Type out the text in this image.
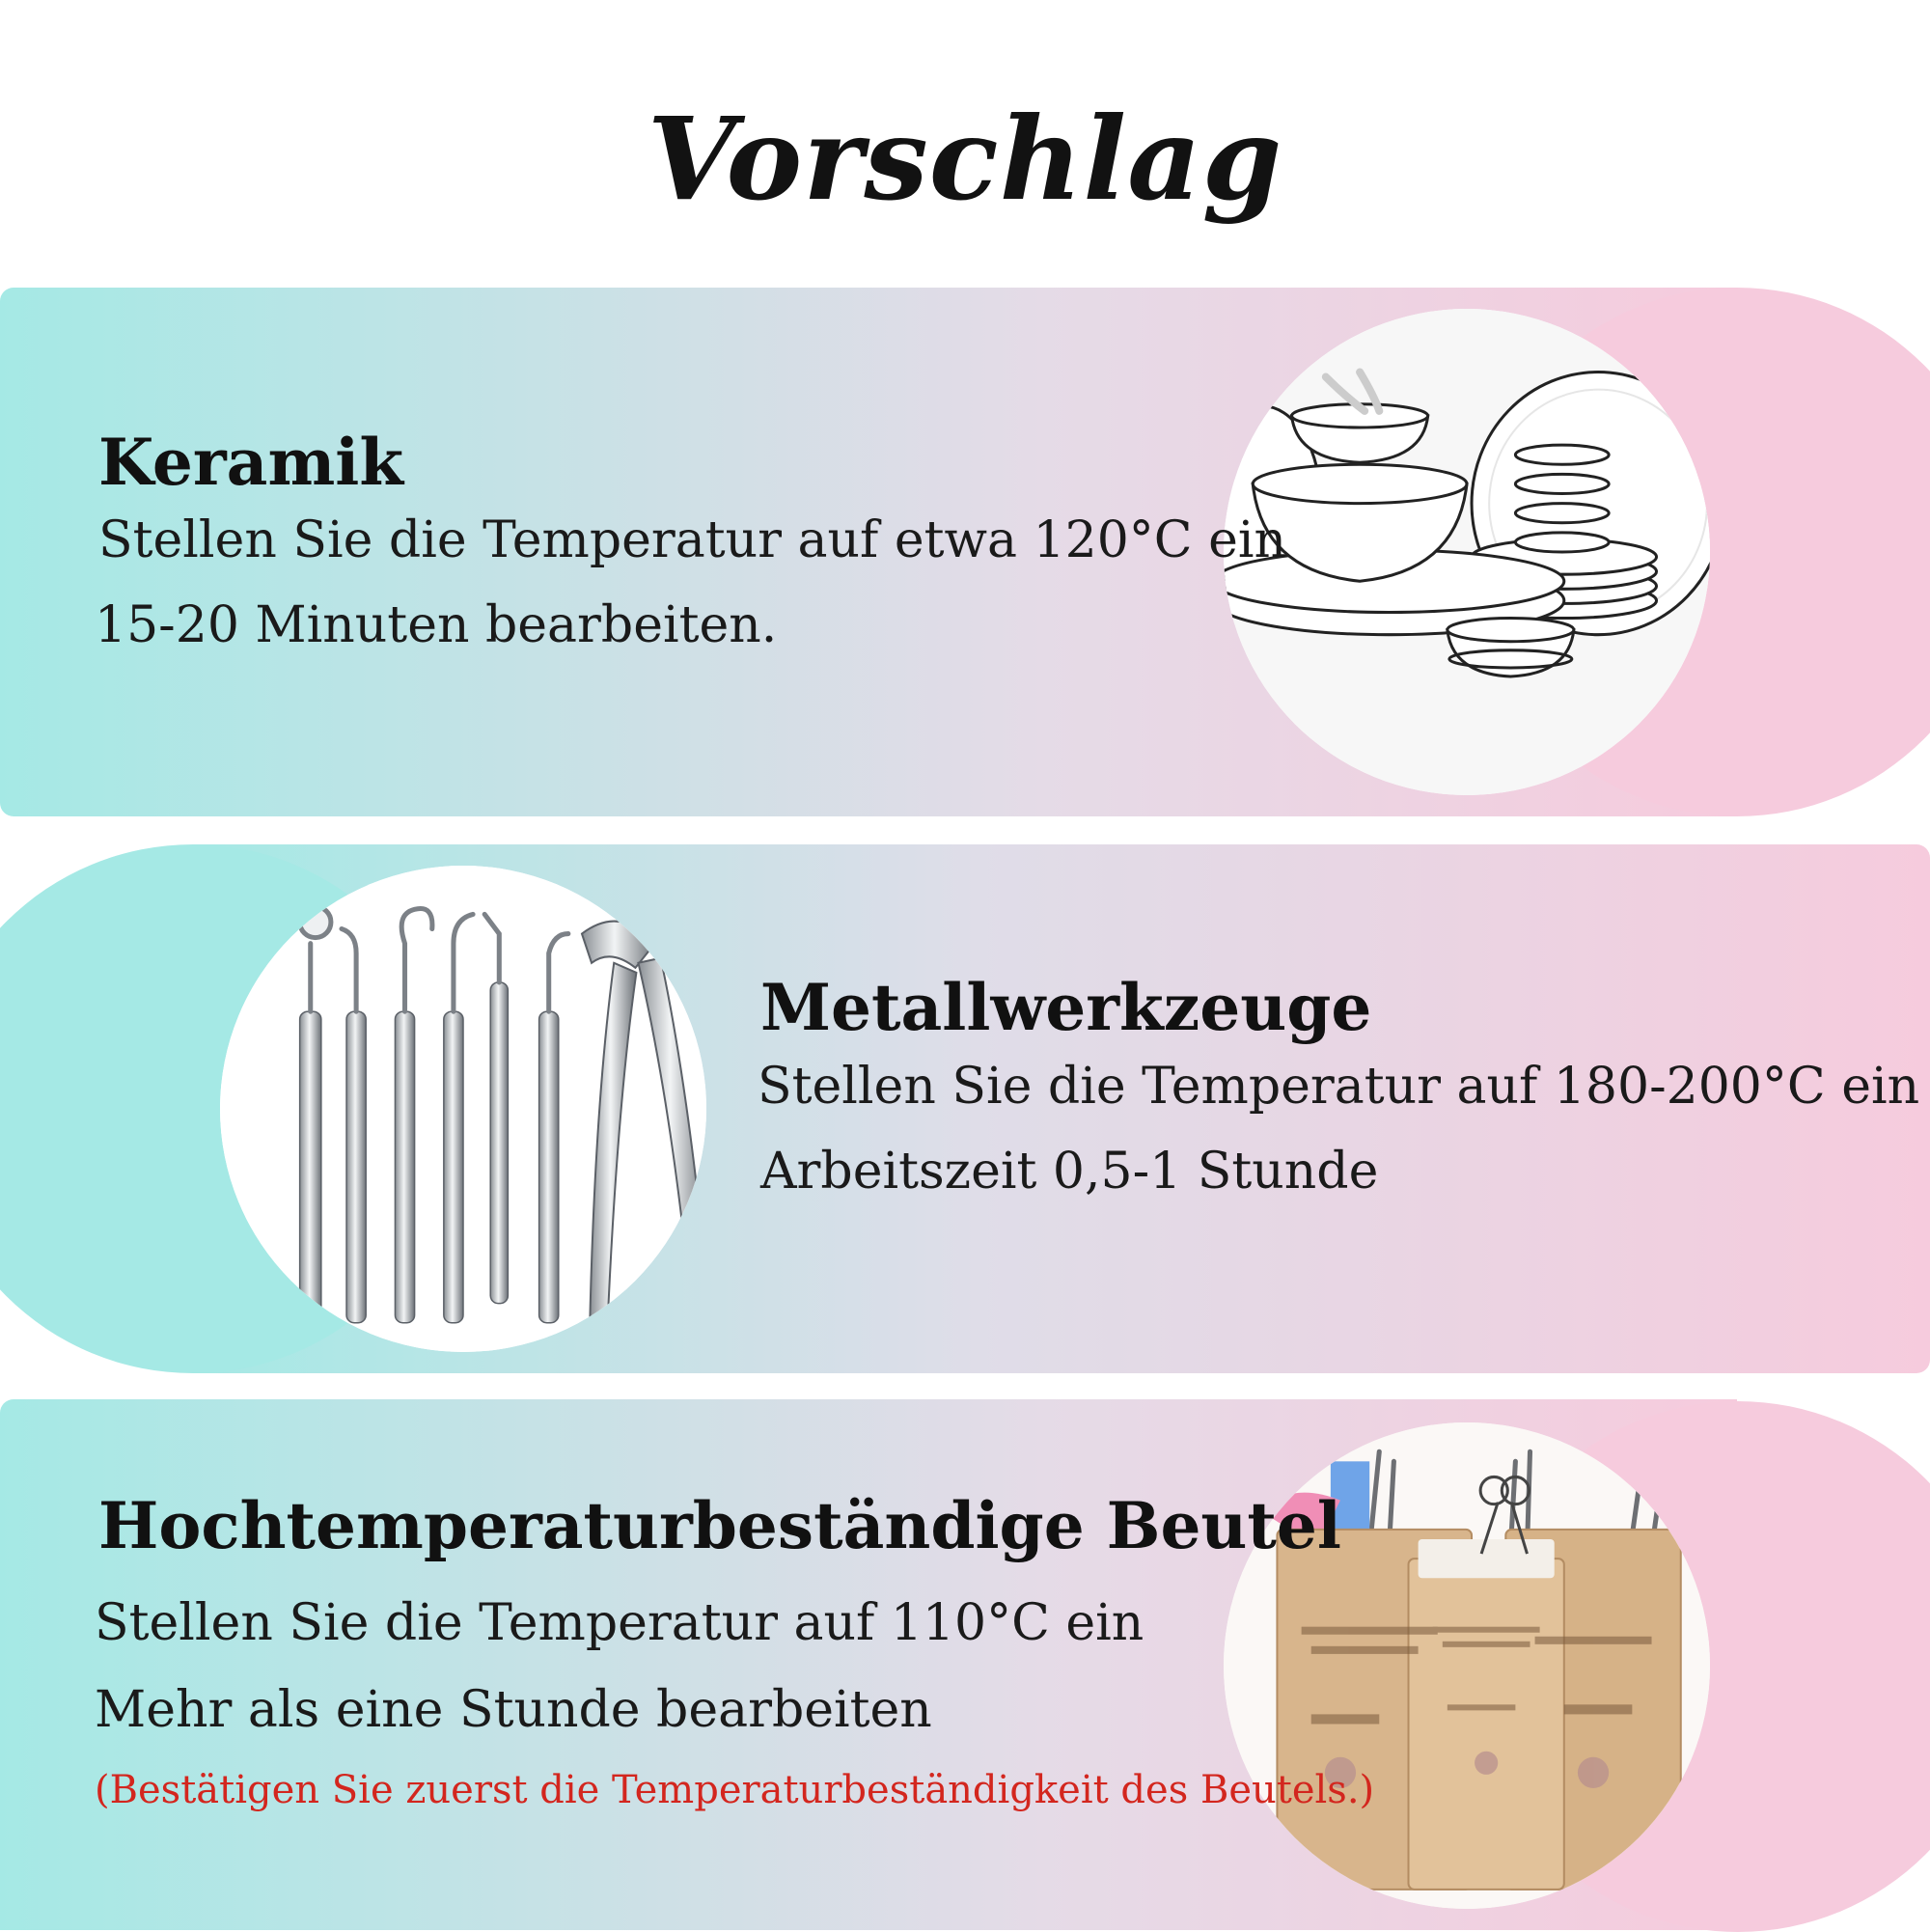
Vorschlag
Keramik

Stellen Sie die Temperatur auf etwa 120°C ein

15-20 Minuten bearbeiten.

Metallwerkzeuge

Stellen Sie die Temperatur auf 180-200°C ein

Arbeitszeit 0,5-1 Stunde

Hochtemperaturbeständige Beutel

Stellen Sie die Temperatur auf 110°C ein

Mehr als eine Stunde bearbeiten

(Bestätigen Sie zuerst die Temperaturbeständigkeit des Beutels.)
